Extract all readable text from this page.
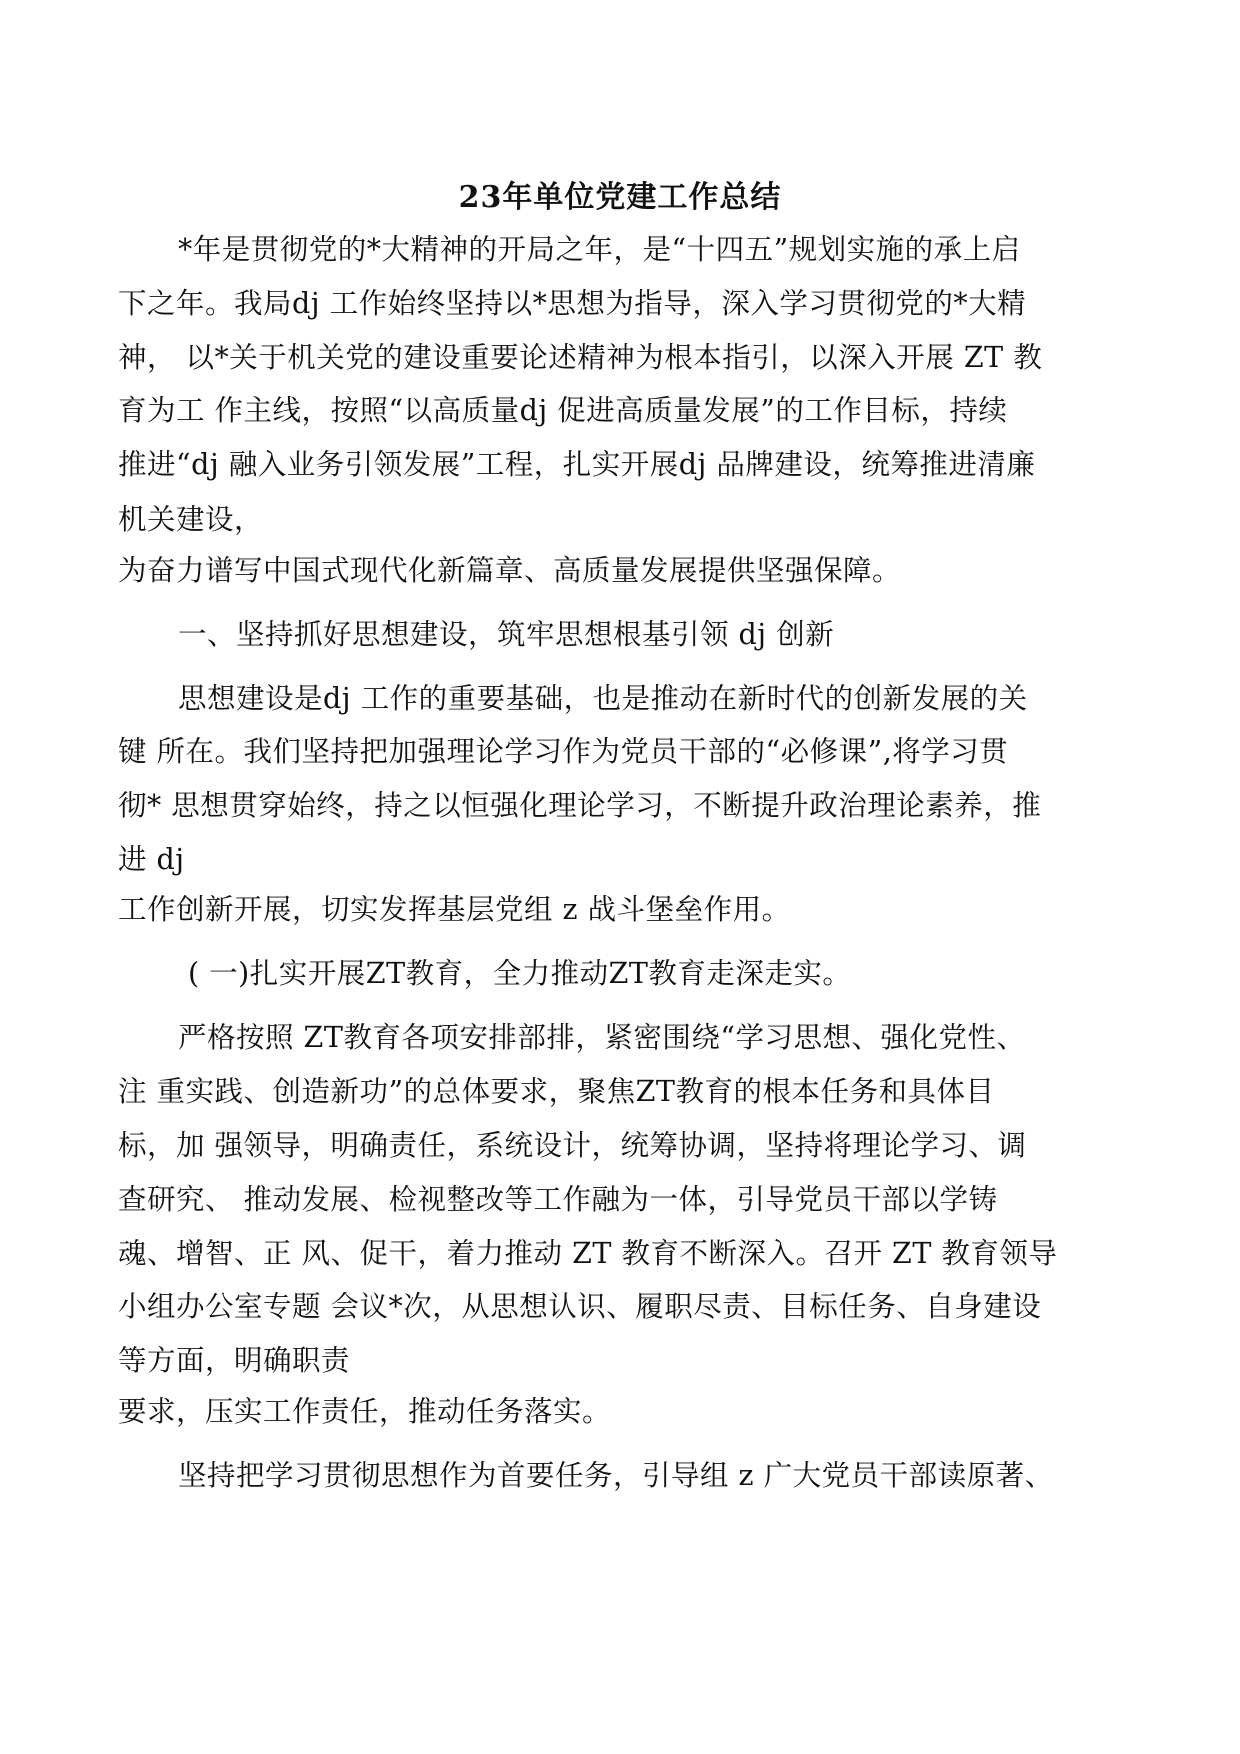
23年单位党建工作总结
*年是贯彻党的*大精神的开局之年，是“十四五”规划实施的承上启
下之年。我局dj 工作始终坚持以*思想为指导，深入学习贯彻党的*大精
神， 以*关于机关党的建设重要论述精神为根本指引，以深入开展 ZT 教
育为工 作主线，按照“以高质量dj 促进高质量发展”的工作目标，持续
推进“dj 融入业务引领发展”工程，扎实开展dj 品牌建设，统筹推进清廉
机关建设，
为奋力谱写中国式现代化新篇章、高质量发展提供坚强保障。
一、坚持抓好思想建设，筑牢思想根基引领 dj 创新
思想建设是dj 工作的重要基础，也是推动在新时代的创新发展的关
键 所在。我们坚持把加强理论学习作为党员干部的“必修课”,将学习贯
彻* 思想贯穿始终，持之以恒强化理论学习，不断提升政治理论素养，推
进 dj
工作创新开展，切实发挥基层党组 z 战斗堡垒作用。
( 一)扎实开展ZT教育，全力推动ZT教育走深走实。
严格按照 ZT教育各项安排部排，紧密围绕“学习思想、强化党性、
注 重实践、创造新功”的总体要求，聚焦ZT教育的根本任务和具体目
标，加 强领导，明确责任，系统设计，统筹协调，坚持将理论学习、调
查研究、 推动发展、检视整改等工作融为一体，引导党员干部以学铸
魂、增智、正 风、促干，着力推动 ZT 教育不断深入。召开 ZT 教育领导
小组办公室专题 会议*次，从思想认识、履职尽责、目标任务、自身建设
等方面，明确职责
要求，压实工作责任，推动任务落实。
坚持把学习贯彻思想作为首要任务，引导组 z 广大党员干部读原著、
